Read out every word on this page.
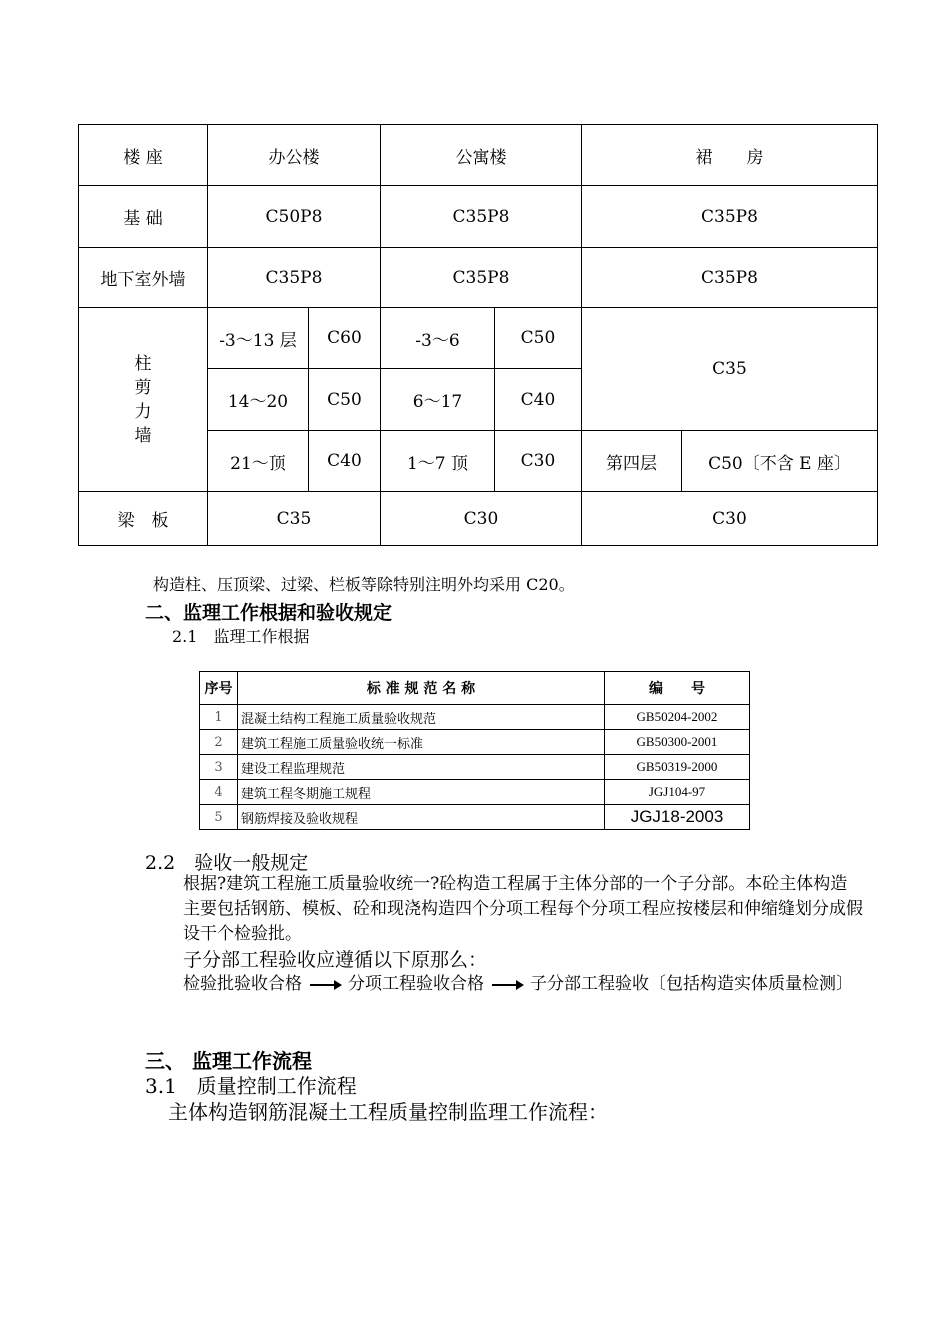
楼 座	办公楼		公寓楼		裙　　房	
基 础	C50P8		C35P8		C35P8	
地下室外墙	C35P8		C35P8		C35P8	

柱
剪
力
墙	-3～13 层	C60	-3～6	C50	C35	
	14～20	C50	6～17	C40		
	21～顶	C40	1～7 顶	C30	第四层	C50〔不含 E 座〕
梁　板	C35		C30		C30	
构造柱、压顶梁、过梁、栏板等除特别注明外均采用 C20。
二、监理工作根据和验收规定
2.1　监理工作根据
序号	标 准 规 范 名 称	编　　号
1	混凝土结构工程施工质量验收规范	GB50204-2002
2	建筑工程施工质量验收统一标准	GB50300-2001
3	建设工程监理规范	GB50319-2000
4	建筑工程冬期施工规程	JGJ104-97
5	钢筋焊接及验收规程	JGJ18-2003
2.2　验收一般规定
根据?建筑工程施工质量验收统一?砼构造工程属于主体分部的一个子分部。本砼主体构造主要包括钢筋、模板、砼和现浇构造四个分项工程每个分项工程应按楼层和伸缩缝划分成假设干个检验批。
子分部工程验收应遵循以下原那么：
检验批验收合格	分项工程验收合格	子分部工程验收〔包括构造实体质量检测〕
三、 监理工作流程
3.1　质量控制工作流程
主体构造钢筋混凝土工程质量控制监理工作流程：
